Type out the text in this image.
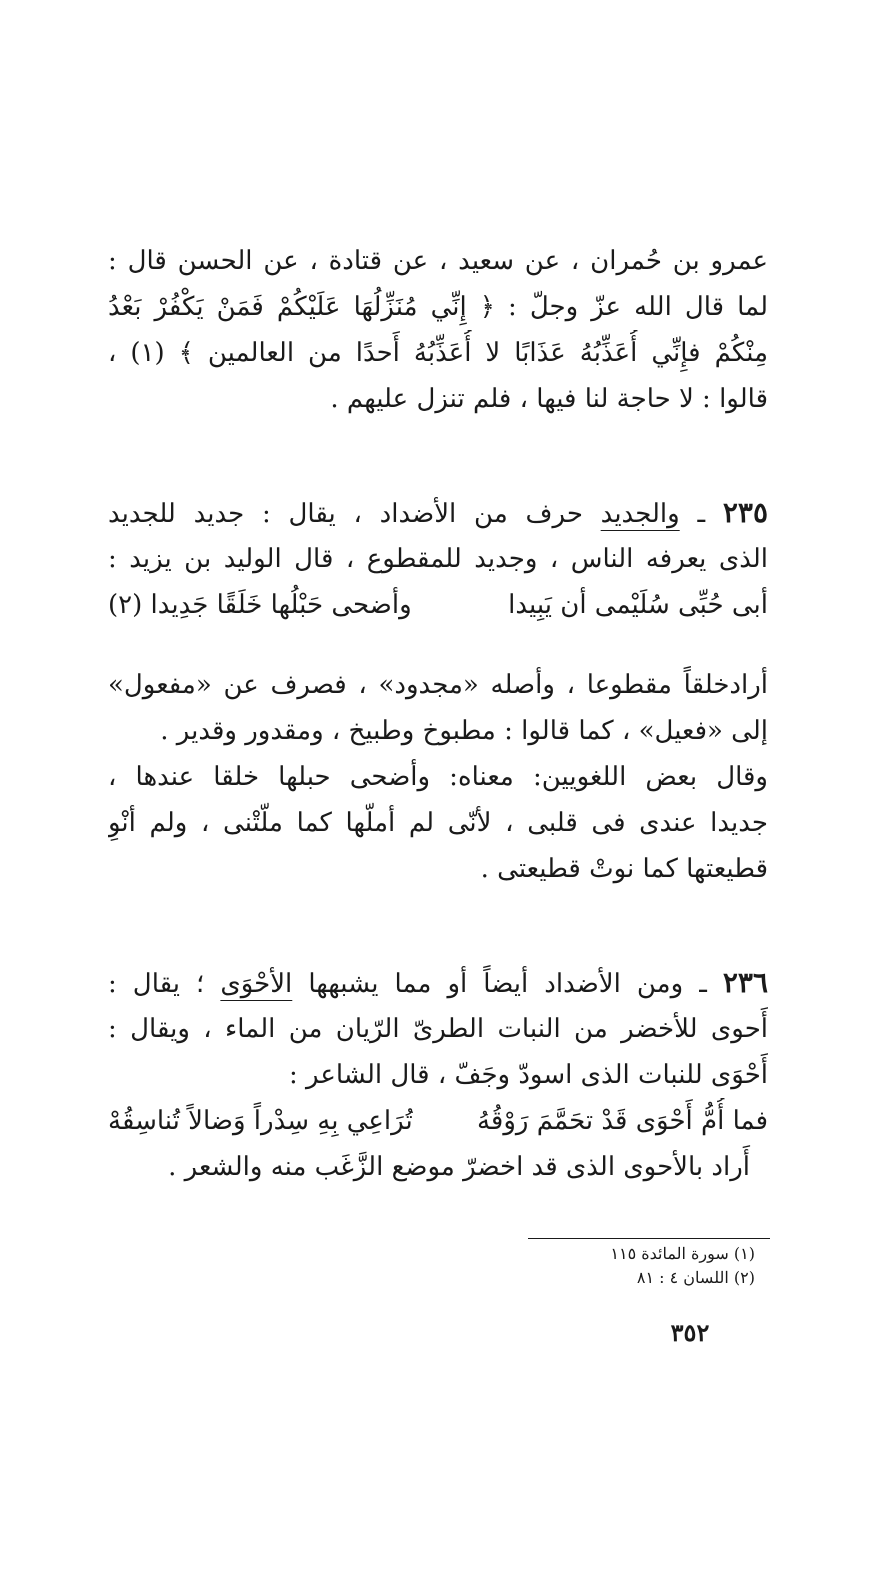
عمرو بن حُمران ، عن سعيد ، عن قتادة ، عن الحسن قال :
لما قال الله عزّ وجلّ : ﴿ إِنِّي مُنَزِّلُهَا عَلَيْكُمْ فَمَنْ يَكْفُرْ بَعْدُ
مِنْكُمْ فإِنِّي أُعَذِّبُهُ عَذَابًا لا أُعَذِّبُهُ أَحدًا من العالمين ﴾ (١) ،
قالوا : لا حاجة لنا فيها ، فلم تنزل عليهم .
٢٣٥ ـ والجديد حرف من الأضداد ، يقال : جديد للجديد
الذى يعرفه الناس ، وجديد للمقطوع ، قال الوليد بن يزيد :
أبى حُبِّى سُلَيْمى أن يَبِيدا
وأضحى حَبْلُها خَلَقًا جَدِيدا (٢)
أرادخلقاً مقطوعا ، وأصله «مجدود» ، فصرف عن «مفعول»
إلى «فعيل» ، كما قالوا : مطبوخ وطبيخ ، ومقدور وقدير .
وقال بعض اللغويين: معناه: وأضحى حبلها خلقا عندها ،
جديدا عندى فى قلبى ، لأنّى لم أملّها كما ملّتْنى ، ولم أنْوِ
قطيعتها كما نوتْ قطيعتى .
٢٣٦ ـ ومن الأضداد أيضاً أو مما يشبهها الأحْوَى ؛ يقال :
أَحوى للأخضر من النبات الطرىّ الرّيان من الماء ، ويقال :
أَحْوَى للنبات الذى اسودّ وجَفّ ، قال الشاعر :
فما أُمُّ أَحْوَى قَدْ تحَمَّمَ رَوْقُهُ
تُرَاعِي بِهِ سِدْراً وَضالاً تُناسِقُهْ
أَراد بالأحوى الذى قد اخضرّ موضع الزَّغَب منه والشعر .
(١) سورة المائدة ١١٥
(٢) اللسان ٤ : ٨١
٣٥٢
